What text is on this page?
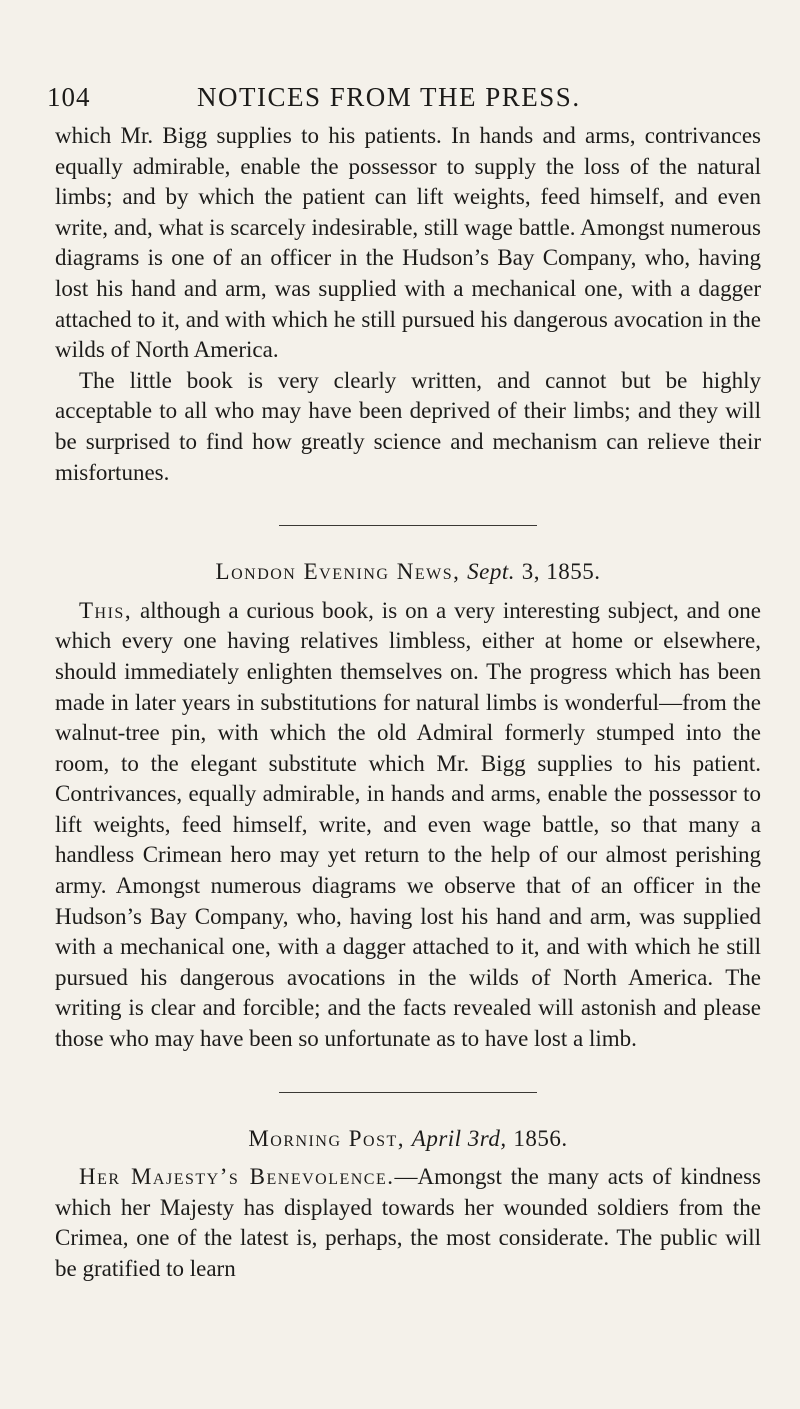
104	NOTICES FROM THE PRESS.

which Mr. Bigg supplies to his patients. In hands and arms, contrivances equally admirable, enable the possessor to supply the loss of the natural limbs; and by which the patient can lift weights, feed himself, and even write, and, what is scarcely indesirable, still wage battle. Amongst numerous diagrams is one of an officer in the Hudson’s Bay Company, who, having lost his hand and arm, was supplied with a mechanical one, with a dagger attached to it, and with which he still pursued his dangerous avocation in the wilds of North America.

The little book is very clearly written, and cannot but be highly acceptable to all who may have been deprived of their limbs; and they will be surprised to find how greatly science and mechanism can relieve their misfortunes.

London Evening News, Sept. 3, 1855.

This, although a curious book, is on a very interesting subject, and one which every one having relatives limbless, either at home or elsewhere, should immediately enlighten themselves on. The progress which has been made in later years in substitutions for natural limbs is wonderful—from the walnut-tree pin, with which the old Admiral formerly stumped into the room, to the elegant substitute which Mr. Bigg supplies to his patient. Contrivances, equally admirable, in hands and arms, enable the possessor to lift weights, feed himself, write, and even wage battle, so that many a handless Crimean hero may yet return to the help of our almost perishing army. Amongst numerous diagrams we observe that of an officer in the Hudson’s Bay Company, who, having lost his hand and arm, was supplied with a mechanical one, with a dagger attached to it, and with which he still pursued his dangerous avocations in the wilds of North America. The writing is clear and forcible; and the facts revealed will astonish and please those who may have been so unfortunate as to have lost a limb.

Morning Post, April 3rd, 1856.

Her Majesty’s Benevolence.—Amongst the many acts of kindness which her Majesty has displayed towards her wounded soldiers from the Crimea, one of the latest is, perhaps, the most considerate. The public will be gratified to learn
